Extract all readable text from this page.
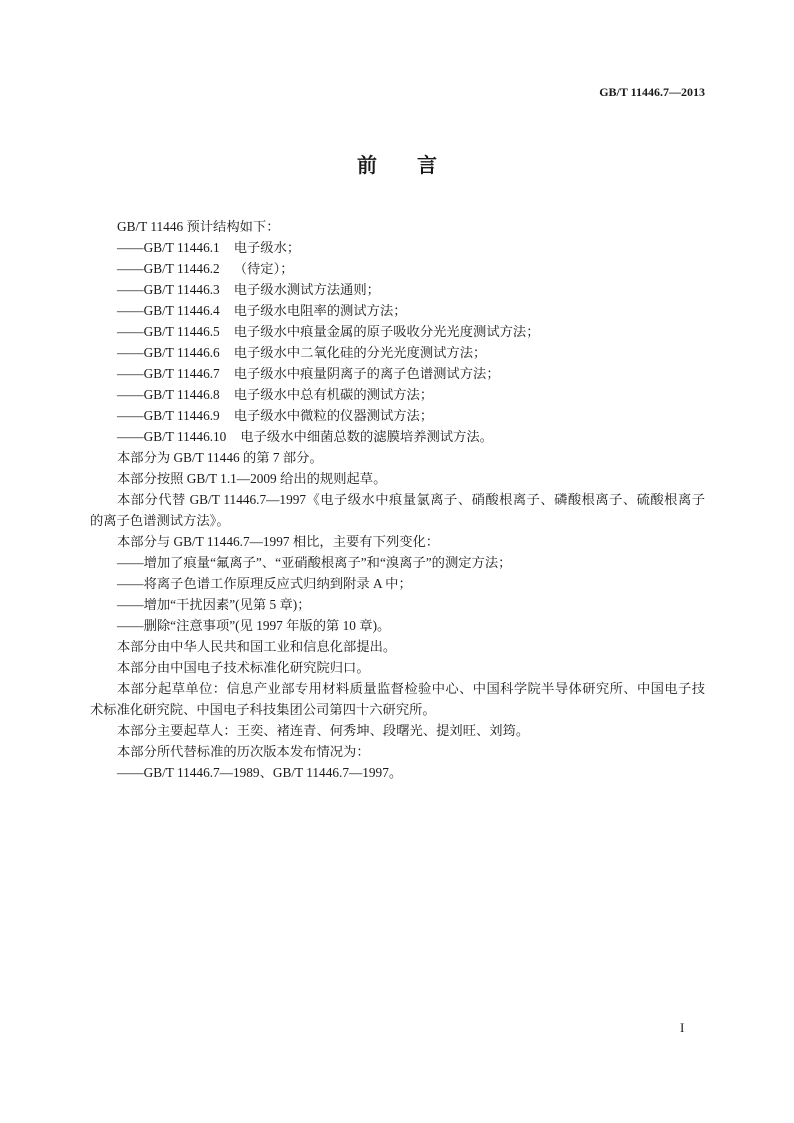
GB/T 11446.7—2013
前　言
GB/T 11446 预计结构如下：
——GB/T 11446.1 电子级水；
——GB/T 11446.2 （待定）；
——GB/T 11446.3 电子级水测试方法通则；
——GB/T 11446.4 电子级水电阻率的测试方法；
——GB/T 11446.5 电子级水中痕量金属的原子吸收分光光度测试方法；
——GB/T 11446.6 电子级水中二氧化硅的分光光度测试方法；
——GB/T 11446.7 电子级水中痕量阴离子的离子色谱测试方法；
——GB/T 11446.8 电子级水中总有机碳的测试方法；
——GB/T 11446.9 电子级水中微粒的仪器测试方法；
——GB/T 11446.10 电子级水中细菌总数的滤膜培养测试方法。
本部分为 GB/T 11446 的第 7 部分。
本部分按照 GB/T 1.1—2009 给出的规则起草。
本部分代替 GB/T 11446.7—1997《电子级水中痕量氯离子、硝酸根离子、磷酸根离子、硫酸根离子
的离子色谱测试方法》。
本部分与 GB/T 11446.7—1997 相比，主要有下列变化：
——增加了痕量“氟离子”、“亚硝酸根离子”和“溴离子”的测定方法；
——将离子色谱工作原理反应式归纳到附录 A 中；
——增加“干扰因素”(见第 5 章)；
——删除“注意事项”(见 1997 年版的第 10 章)。
本部分由中华人民共和国工业和信息化部提出。
本部分由中国电子技术标准化研究院归口。
本部分起草单位：信息产业部专用材料质量监督检验中心、中国科学院半导体研究所、中国电子技
术标准化研究院、中国电子科技集团公司第四十六研究所。
本部分主要起草人：王奕、褚连青、何秀坤、段曙光、提刘旺、刘筠。
本部分所代替标准的历次版本发布情况为：
——GB/T 11446.7—1989、GB/T 11446.7—1997。
I
